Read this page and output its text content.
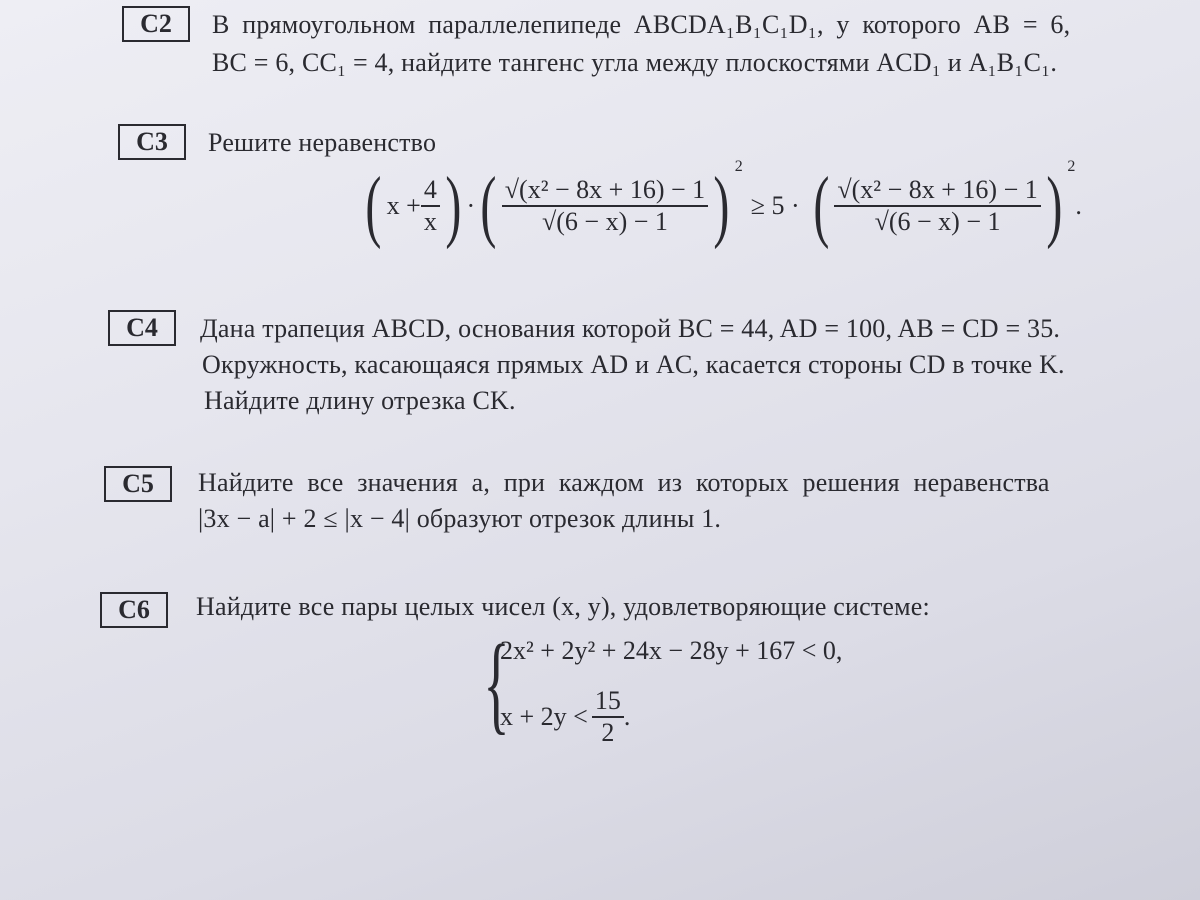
C2 В прямоугольном параллелепипеде ABCDA₁B₁C₁D₁, у которого AB = 6,
BC = 6, CC₁ = 4, найдите тангенс угла между плоскостями ACD₁ и A₁B₁C₁.
C3 Решите неравенство
( $x + \frac{4}{x}$ ) · ( $\frac{\text{√(x² − 8x + 16) − 1}}{√(6 - x) - 1}$ ) 2
≥ 5 · ( $\frac{\text{√(x² − 8x + 16) − 1}}{√(6 - x) - 1}$ ) 2
.
C4 Дана трапеция ABCD, основания которой BC = 44, AD = 100, AB = CD = 35.
Окружность, касающаяся прямых AD и AC, касается стороны CD в точке K.
Найдите длину отрезка CK.
C5 Найдите все значения a, при каждом из которых решения неравенства
|3x − a| + 2 ≤ |x − 4| образуют отрезок длины 1.
C6 Найдите все пары целых чисел (x, y), удовлетворяющие системе:
{
2x² + 2y² + 24x − 28y + 167 < 0,
$x + 2y < \frac{15}{2}$ .
